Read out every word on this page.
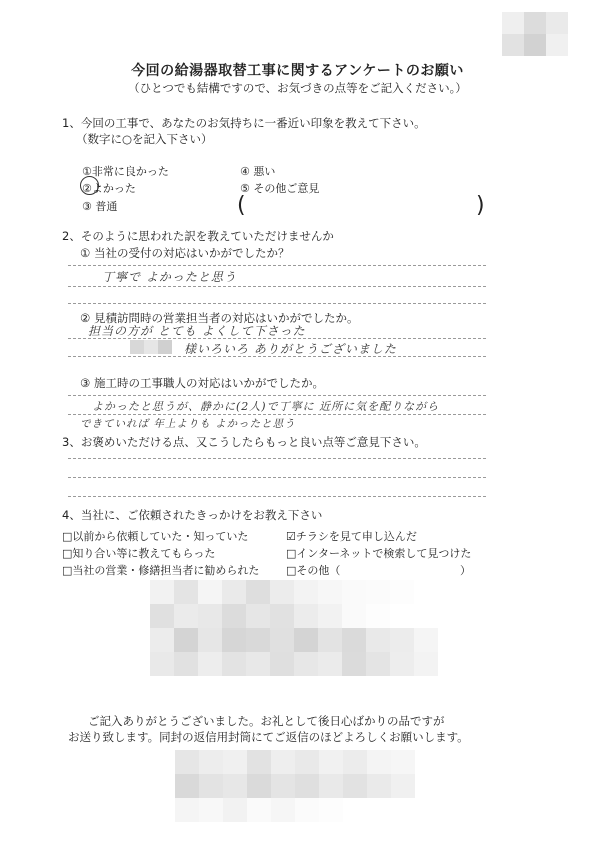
今回の給湯器取替工事に関するアンケートのお願い
（ひとつでも結構ですので、お気づきの点等をご記入ください。）
1、今回の工事で、あなたのお気持ちに一番近い印象を教えて下さい。
（数字に○を記入下さい）
①非常に良かった
②よかった
③ 普通
④ 悪い
⑤ その他ご意見
(	)
2、そのように思われた訳を教えていただけませんか
① 当社の受付の対応はいかがでしたか？
丁寧で よかったと思う
② 見積訪問時の営業担当者の対応はいかがでしたか。
担当の方が とても よくして下さった
様いろいろ ありがとうございました
③ 施工時の工事職人の対応はいかがでしたか。
よかったと思うが、静かに(2人)で丁寧に 近所に気を配りながら
できていれば 年上よりも よかったと思う
3、お褒めいただける点、又こうしたらもっと良い点等ご意見下さい。
4、当社に、ご依頼されたきっかけをお教え下さい
□以前から依頼していた・知っていた
□知り合い等に教えてもらった
□当社の営業・修繕担当者に勧められた
☑チラシを見て申し込んだ
□インターネットで検索して見つけた
□その他（	）
ご記入ありがとうございました。お礼として後日心ばかりの品ですが
お送り致します。同封の返信用封筒にてご返信のほどよろしくお願いします。
